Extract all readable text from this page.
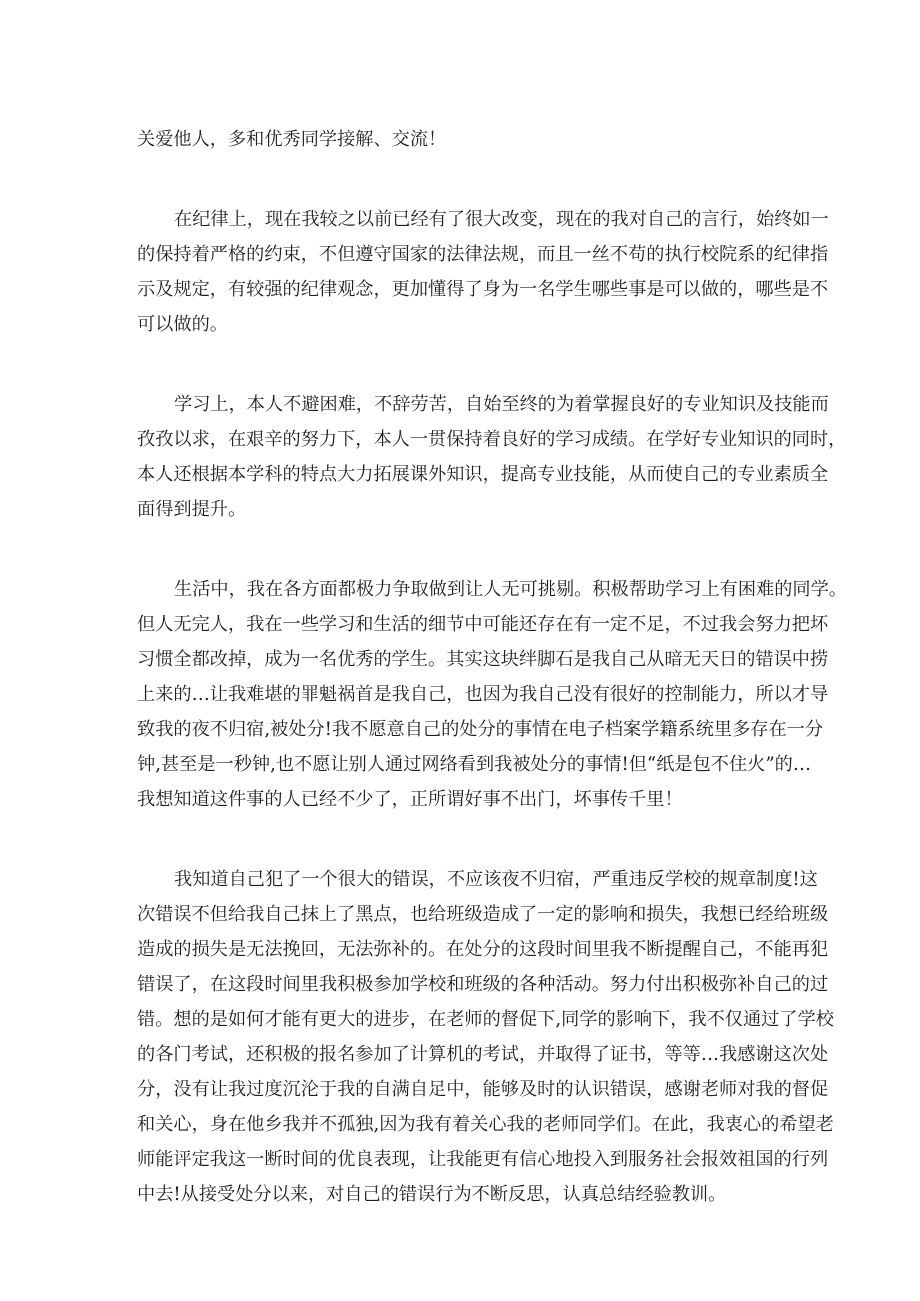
关爱他人，多和优秀同学接解、交流！
在纪律上，现在我较之以前已经有了很大改变，现在的我对自己的言行，始终如一
的保持着严格的约束，不但遵守国家的法律法规，而且一丝不苟的执行校院系的纪律指
示及规定，有较强的纪律观念，更加懂得了身为一名学生哪些事是可以做的，哪些是不
可以做的。
学习上，本人不避困难，不辞劳苦，自始至终的为着掌握良好的专业知识及技能而
孜孜以求，在艰辛的努力下，本人一贯保持着良好的学习成绩。在学好专业知识的同时，
本人还根据本学科的特点大力拓展课外知识，提高专业技能，从而使自己的专业素质全
面得到提升。
生活中，我在各方面都极力争取做到让人无可挑剔。积极帮助学习上有困难的同学。
但人无完人，我在一些学习和生活的细节中可能还存在有一定不足，不过我会努力把坏
习惯全都改掉，成为一名优秀的学生。其实这块绊脚石是我自己从暗无天日的错误中捞
上来的…让我难堪的罪魁祸首是我自己，也因为我自己没有很好的控制能力，所以才导
致我的夜不归宿,被处分!我不愿意自己的处分的事情在电子档案学籍系统里多存在一分
钟,甚至是一秒钟,也不愿让别人通过网络看到我被处分的事情!但“纸是包不住火”的…
我想知道这件事的人已经不少了，正所谓好事不出门，坏事传千里！
我知道自己犯了一个很大的错误，不应该夜不归宿，严重违反学校的规章制度!这
次错误不但给我自己抹上了黑点，也给班级造成了一定的影响和损失，我想已经给班级
造成的损失是无法挽回，无法弥补的。在处分的这段时间里我不断提醒自己，不能再犯
错误了，在这段时间里我积极参加学校和班级的各种活动。努力付出积极弥补自己的过
错。想的是如何才能有更大的进步，在老师的督促下,同学的影响下，我不仅通过了学校
的各门考试，还积极的报名参加了计算机的考试，并取得了证书，等等…我感谢这次处
分，没有让我过度沉沦于我的自满自足中，能够及时的认识错误，感谢老师对我的督促
和关心，身在他乡我并不孤独,因为我有着关心我的老师同学们。在此，我衷心的希望老
师能评定我这一断时间的优良表现，让我能更有信心地投入到服务社会报效祖国的行列
中去!从接受处分以来，对自己的错误行为不断反思，认真总结经验教训。
